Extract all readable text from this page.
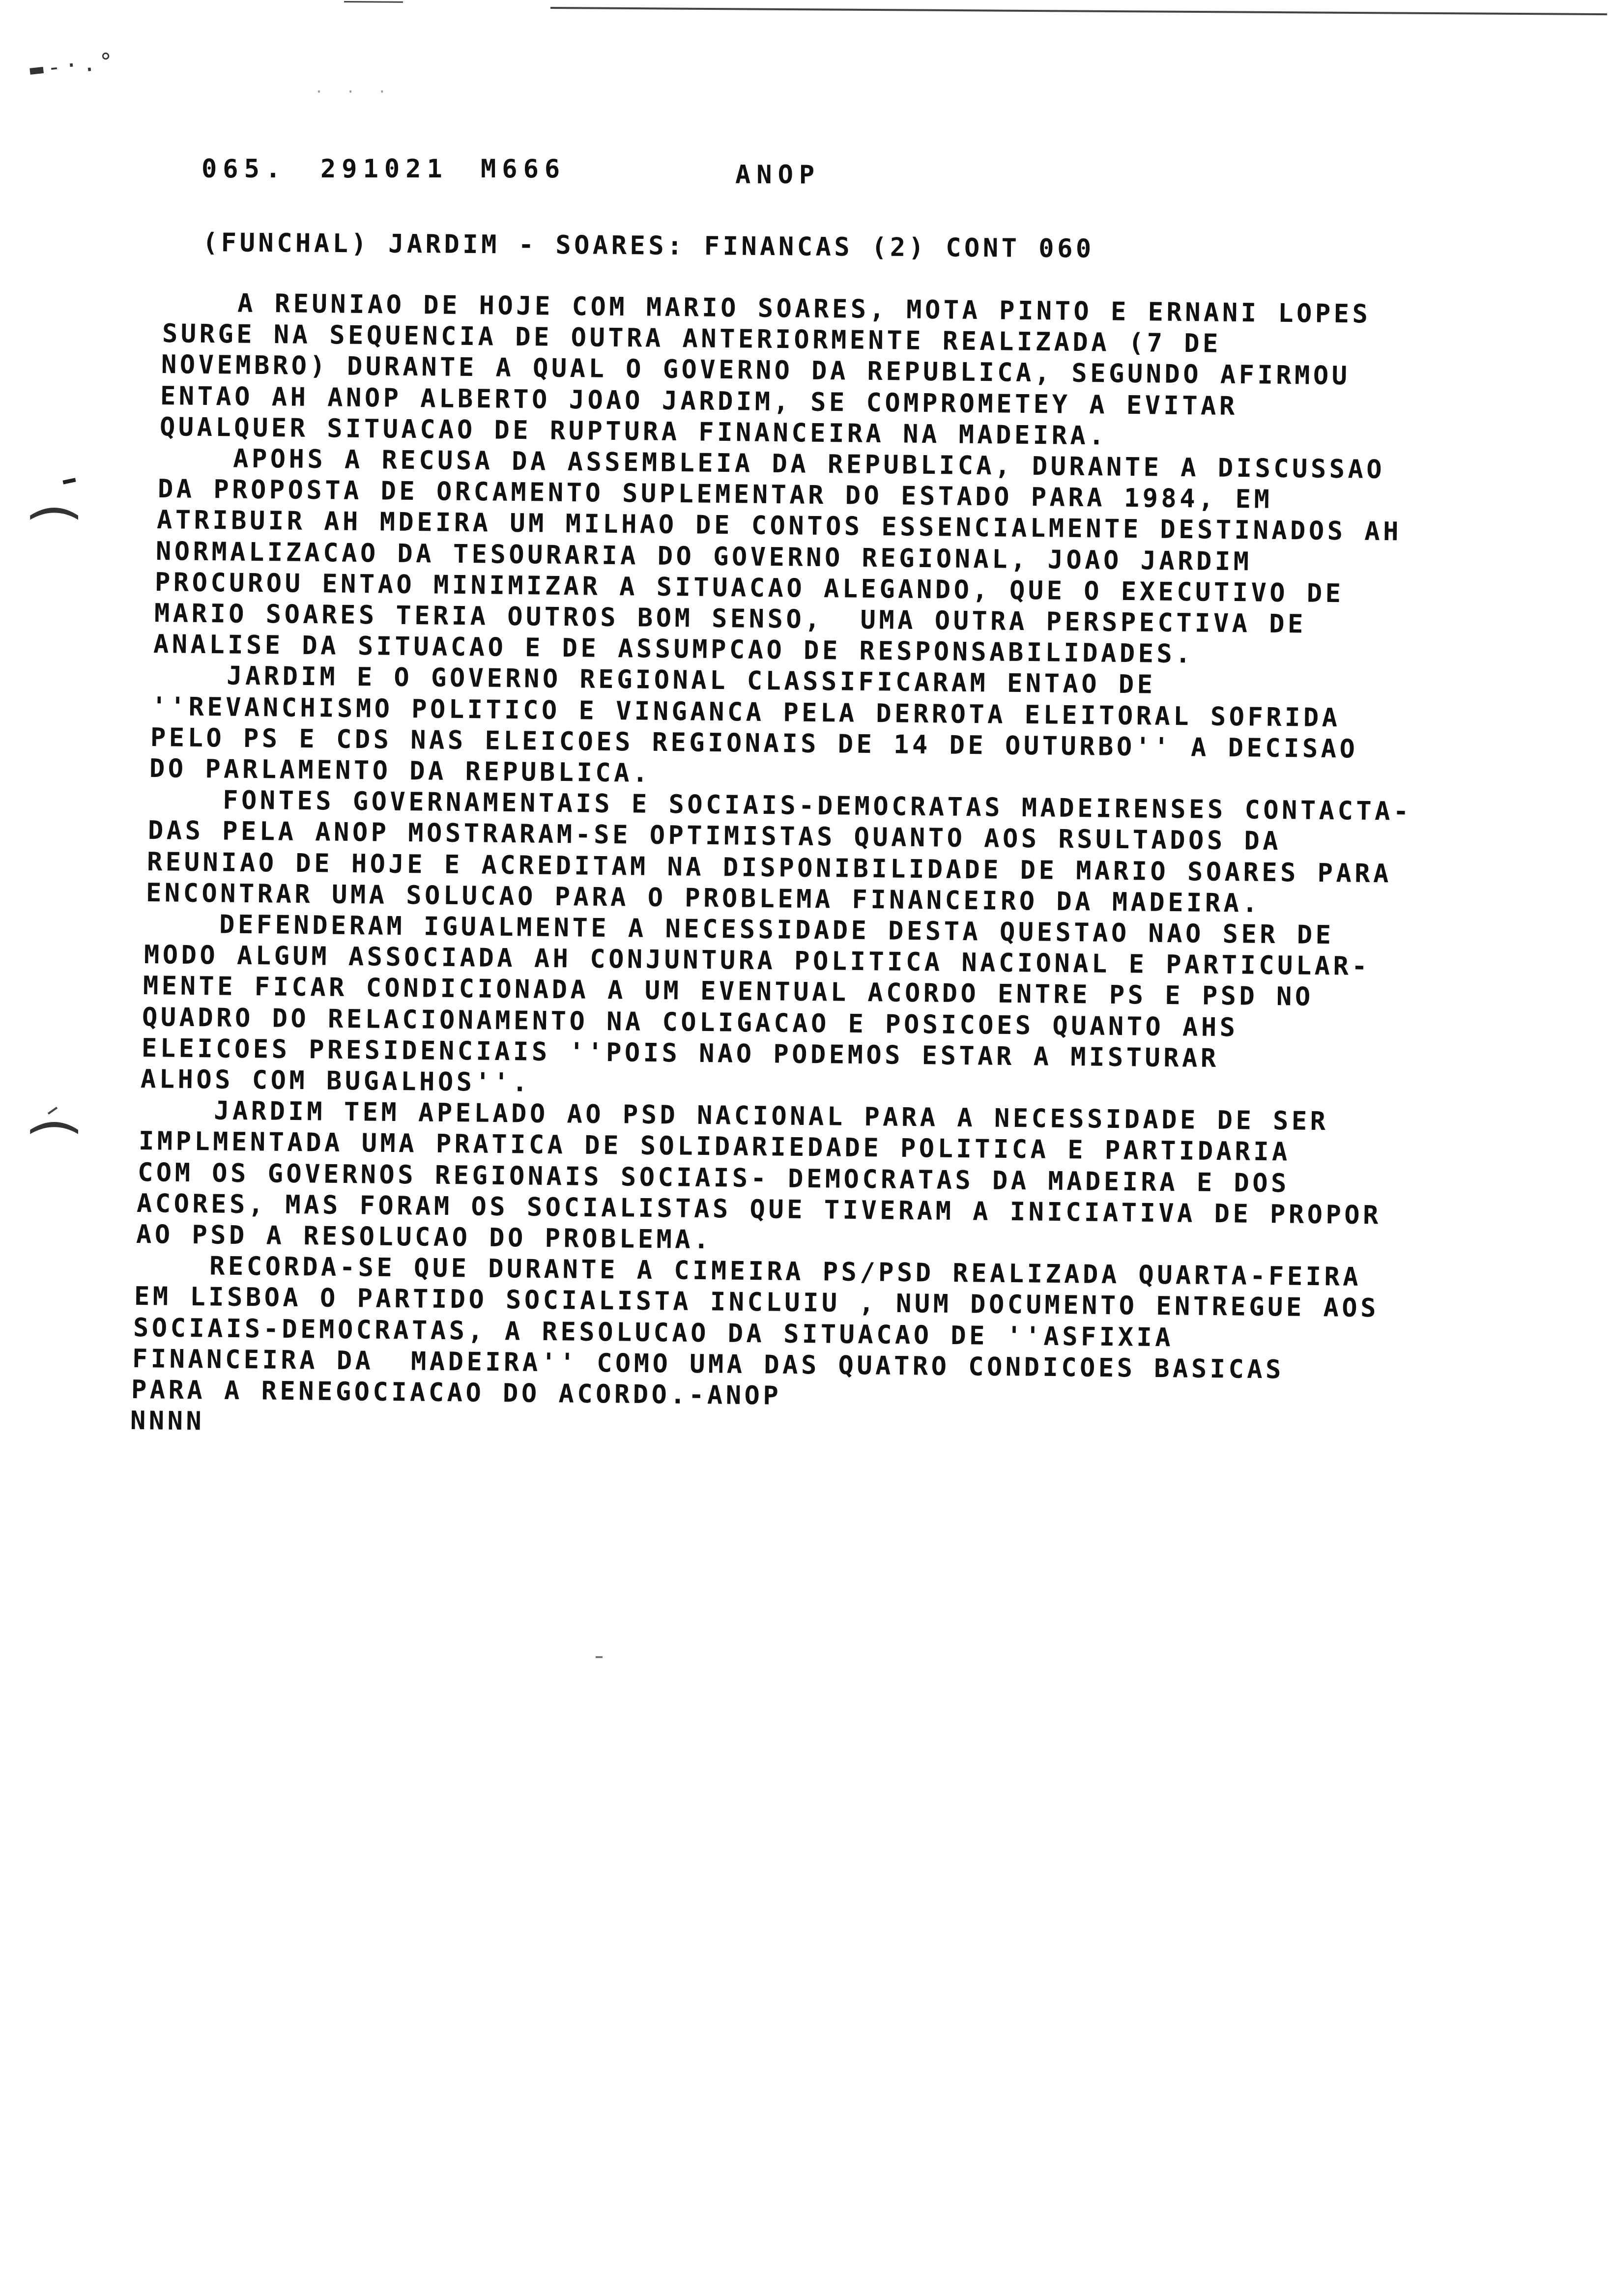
▬-·.°
· · ·
(
(
065. 291021 M666	ANOP
(FUNCHAL) JARDIM - SOARES: FINANCAS (2) CONT 060
A REUNIAO DE HOJE COM MARIO SOARES, MOTA PINTO E ERNANI LOPES
SURGE NA SEQUENCIA DE OUTRA ANTERIORMENTE REALIZADA (7 DE
NOVEMBRO) DURANTE A QUAL O GOVERNO DA REPUBLICA, SEGUNDO AFIRMOU
ENTAO AH ANOP ALBERTO JOAO JARDIM, SE COMPROMETEY A EVITAR
QUALQUER SITUACAO DE RUPTURA FINANCEIRA NA MADEIRA.
APOHS A RECUSA DA ASSEMBLEIA DA REPUBLICA, DURANTE A DISCUSSAO
DA PROPOSTA DE ORCAMENTO SUPLEMENTAR DO ESTADO PARA 1984, EM
ATRIBUIR AH MDEIRA UM MILHAO DE CONTOS ESSENCIALMENTE DESTINADOS AH
NORMALIZACAO DA TESOURARIA DO GOVERNO REGIONAL, JOAO JARDIM
PROCUROU ENTAO MINIMIZAR A SITUACAO ALEGANDO, QUE O EXECUTIVO DE
MARIO SOARES TERIA OUTROS BOM SENSO,  UMA OUTRA PERSPECTIVA DE
ANALISE DA SITUACAO E DE ASSUMPCAO DE RESPONSABILIDADES.
JARDIM E O GOVERNO REGIONAL CLASSIFICARAM ENTAO DE
''REVANCHISMO POLITICO E VINGANCA PELA DERROTA ELEITORAL SOFRIDA
PELO PS E CDS NAS ELEICOES REGIONAIS DE 14 DE OUTURBO'' A DECISAO
DO PARLAMENTO DA REPUBLICA.
FONTES GOVERNAMENTAIS E SOCIAIS-DEMOCRATAS MADEIRENSES CONTACTA-
DAS PELA ANOP MOSTRARAM-SE OPTIMISTAS QUANTO AOS RSULTADOS DA
REUNIAO DE HOJE E ACREDITAM NA DISPONIBILIDADE DE MARIO SOARES PARA
ENCONTRAR UMA SOLUCAO PARA O PROBLEMA FINANCEIRO DA MADEIRA.
DEFENDERAM IGUALMENTE A NECESSIDADE DESTA QUESTAO NAO SER DE
MODO ALGUM ASSOCIADA AH CONJUNTURA POLITICA NACIONAL E PARTICULAR-
MENTE FICAR CONDICIONADA A UM EVENTUAL ACORDO ENTRE PS E PSD NO
QUADRO DO RELACIONAMENTO NA COLIGACAO E POSICOES QUANTO AHS
ELEICOES PRESIDENCIAIS ''POIS NAO PODEMOS ESTAR A MISTURAR
ALHOS COM BUGALHOS''.
JARDIM TEM APELADO AO PSD NACIONAL PARA A NECESSIDADE DE SER
IMPLMENTADA UMA PRATICA DE SOLIDARIEDADE POLITICA E PARTIDARIA
COM OS GOVERNOS REGIONAIS SOCIAIS- DEMOCRATAS DA MADEIRA E DOS
ACORES, MAS FORAM OS SOCIALISTAS QUE TIVERAM A INICIATIVA DE PROPOR
AO PSD A RESOLUCAO DO PROBLEMA.
RECORDA-SE QUE DURANTE A CIMEIRA PS/PSD REALIZADA QUARTA-FEIRA
EM LISBOA O PARTIDO SOCIALISTA INCLUIU , NUM DOCUMENTO ENTREGUE AOS
SOCIAIS-DEMOCRATAS, A RESOLUCAO DA SITUACAO DE ''ASFIXIA
FINANCEIRA DA  MADEIRA'' COMO UMA DAS QUATRO CONDICOES BASICAS
PARA A RENEGOCIACAO DO ACORDO.-ANOP
NNNN
